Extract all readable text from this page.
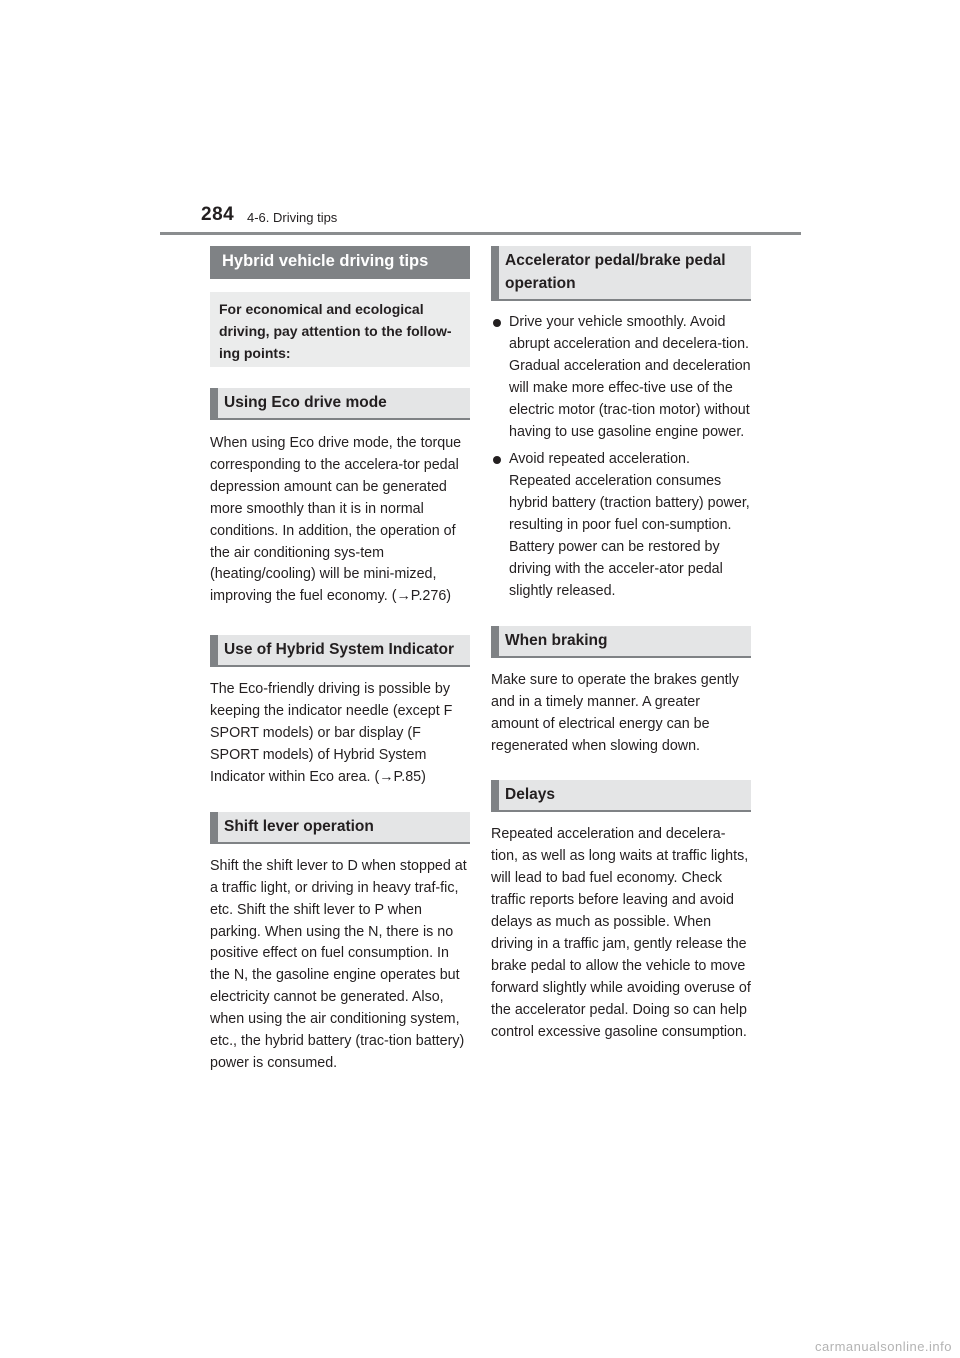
284 4-6. Driving tips
Hybrid vehicle driving tips
For economical and ecological driving, pay attention to the follow-ing points:
Using Eco drive mode

When using Eco drive mode, the torque corresponding to the accelera-tor pedal depression amount can be generated more smoothly than it is in normal conditions. In addition, the operation of the air conditioning sys-tem (heating/cooling) will be mini-mized, improving the fuel economy. (→P.276)

Use of Hybrid System Indicator

The Eco-friendly driving is possible by keeping the indicator needle (except F SPORT models) or bar display (F SPORT models) of Hybrid System Indicator within Eco area. (→P.85)

Shift lever operation

Shift the shift lever to D when stopped at a traffic light, or driving in heavy traf-fic, etc. Shift the shift lever to P when parking. When using the N, there is no positive effect on fuel consumption. In the N, the gasoline engine operates but electricity cannot be generated. Also, when using the air conditioning system, etc., the hybrid battery (trac-tion battery) power is consumed.

Accelerator pedal/brake pedal operation
Drive your vehicle smoothly. Avoid abrupt acceleration and decelera-tion. Gradual acceleration and deceleration will make more effec-tive use of the electric motor (trac-tion motor) without having to use gasoline engine power.
Avoid repeated acceleration. Repeated acceleration consumes hybrid battery (traction battery) power, resulting in poor fuel con-sumption. Battery power can be restored by driving with the acceler-ator pedal slightly released.
When braking

Make sure to operate the brakes gently and in a timely manner. A greater amount of electrical energy can be regenerated when slowing down.

Delays

Repeated acceleration and decelera-tion, as well as long waits at traffic lights, will lead to bad fuel economy. Check traffic reports before leaving and avoid delays as much as possible. When driving in a traffic jam, gently release the brake pedal to allow the vehicle to move forward slightly while avoiding overuse of the accelerator pedal. Doing so can help control excessive gasoline consumption.

carmanualsonline.info
